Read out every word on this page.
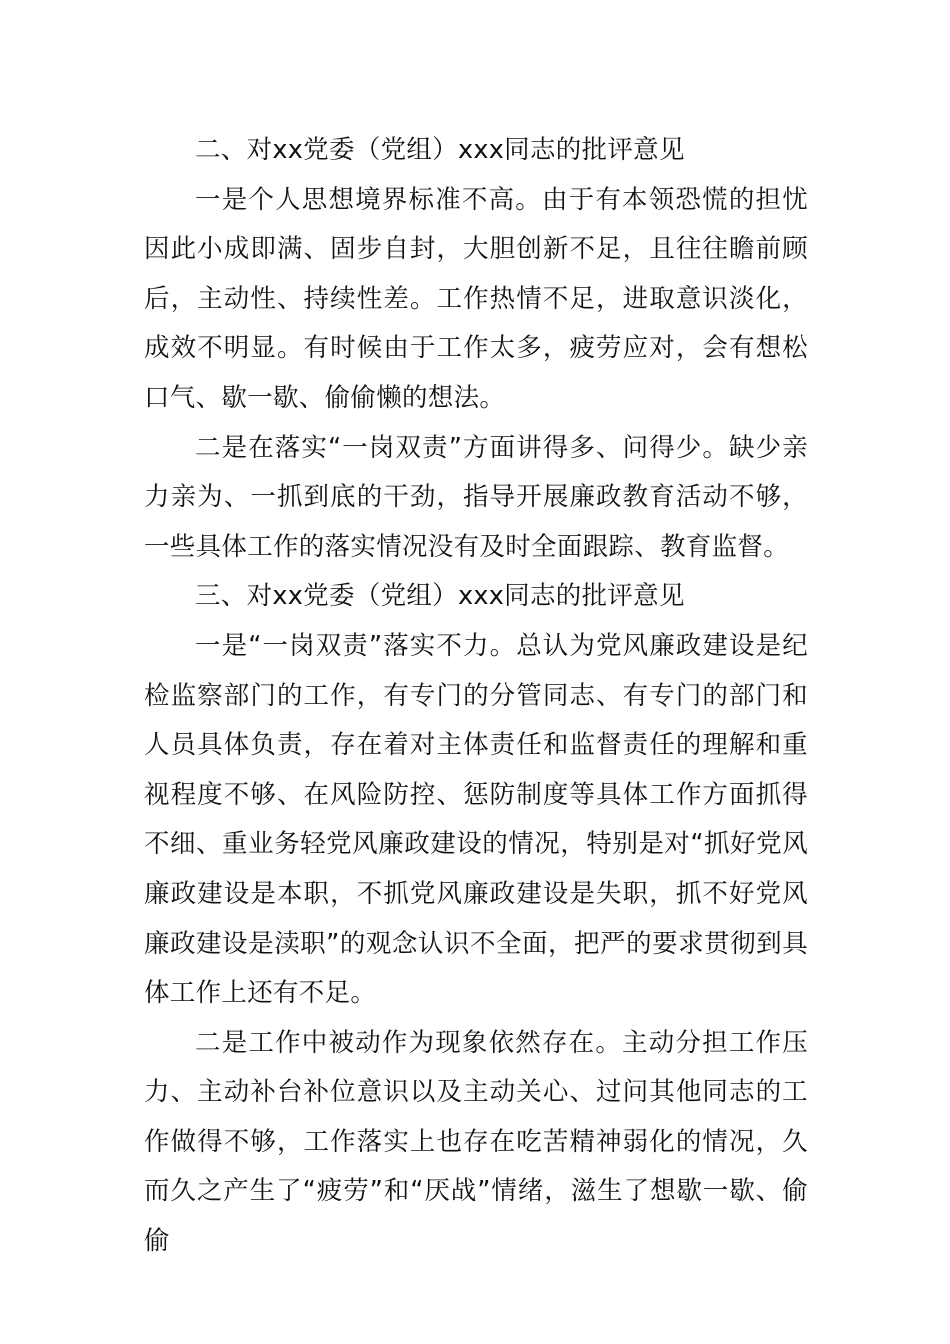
二、对xx党委（党组）xxx同志的批评意见

一是个人思想境界标准不高。由于有本领恐慌的担忧因此小成即满、固步自封，大胆创新不足，且往往瞻前顾后，主动性、持续性差。工作热情不足，进取意识淡化，成效不明显。有时候由于工作太多，疲劳应对，会有想松口气、歇一歇、偷偷懒的想法。

二是在落实“一岗双责”方面讲得多、问得少。缺少亲力亲为、一抓到底的干劲，指导开展廉政教育活动不够，一些具体工作的落实情况没有及时全面跟踪、教育监督。

三、对xx党委（党组）xxx同志的批评意见

一是“一岗双责”落实不力。总认为党风廉政建设是纪检监察部门的工作，有专门的分管同志、有专门的部门和人员具体负责，存在着对主体责任和监督责任的理解和重视程度不够、在风险防控、惩防制度等具体工作方面抓得不细、重业务轻党风廉政建设的情况，特别是对“抓好党风廉政建设是本职，不抓党风廉政建设是失职，抓不好党风廉政建设是渎职”的观念认识不全面，把严的要求贯彻到具体工作上还有不足。

二是工作中被动作为现象依然存在。主动分担工作压力、主动补台补位意识以及主动关心、过问其他同志的工作做得不够，工作落实上也存在吃苦精神弱化的情况，久而久之产生了“疲劳”和“厌战”情绪，滋生了想歇一歇、偷偷
